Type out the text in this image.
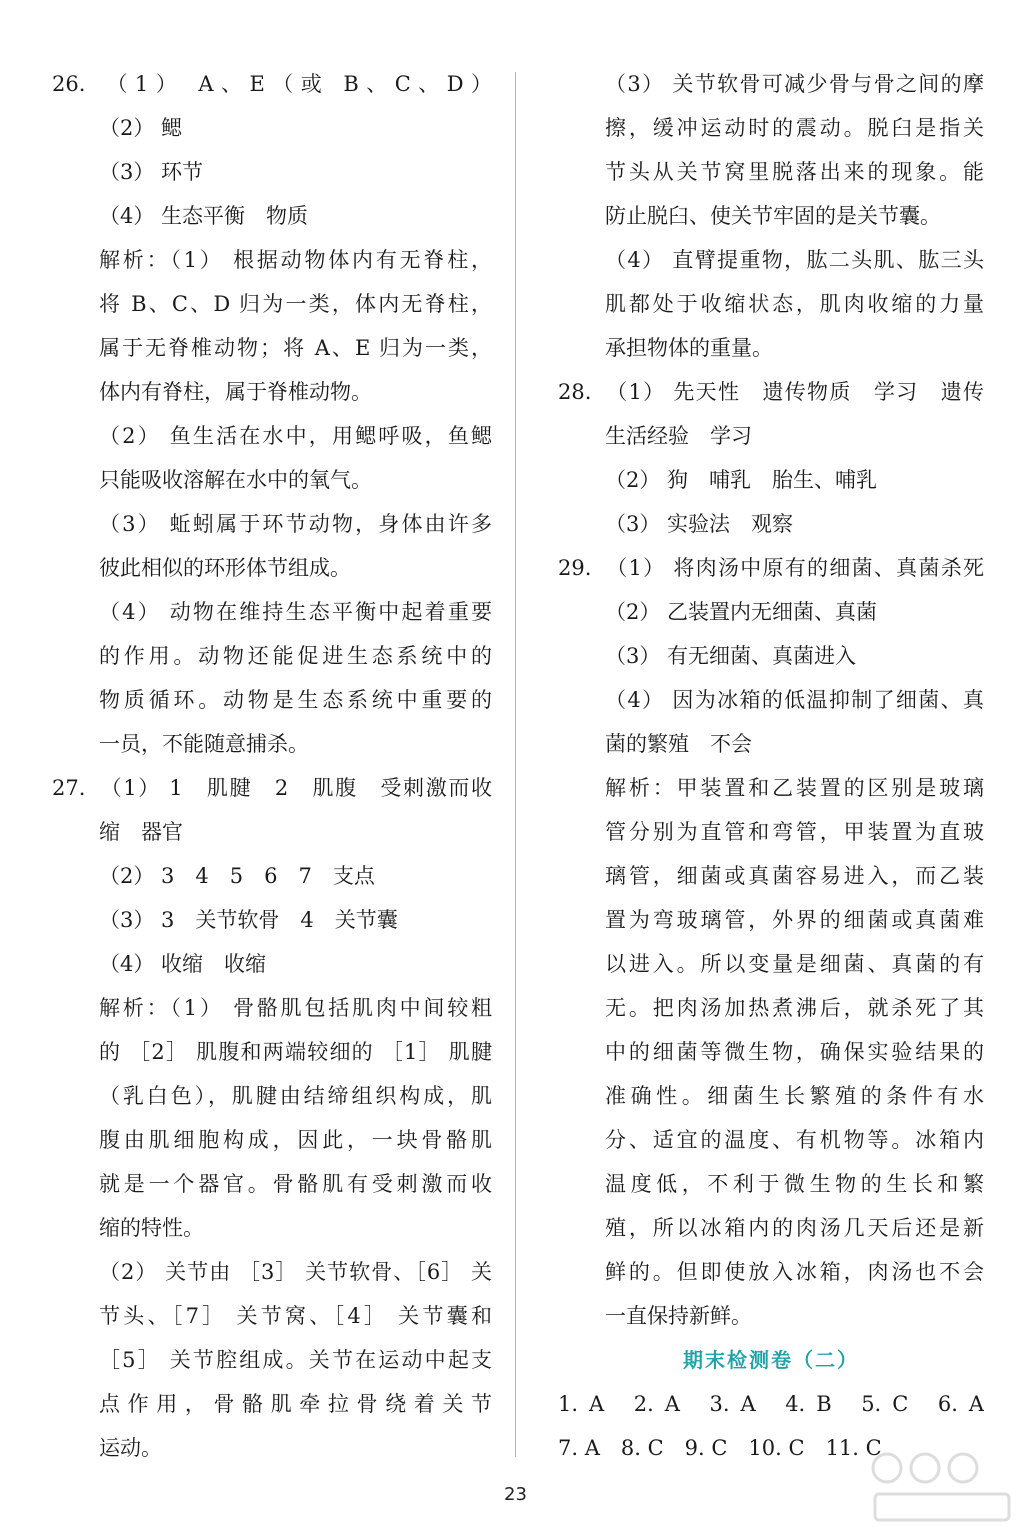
26. （1） A、E（或 B、C、D）
（2） 鳃
（3） 环节
（4） 生态平衡　物质
解析：（1） 根据动物体内有无脊柱，
将 B、C、D 归为一类，体内无脊柱，
属于无脊椎动物；将 A、E 归为一类，
体内有脊柱，属于脊椎动物。
（2） 鱼生活在水中，用鳃呼吸，鱼鳃
只能吸收溶解在水中的氧气。
（3） 蚯蚓属于环节动物，身体由许多
彼此相似的环形体节组成。
（4） 动物在维持生态平衡中起着重要
的作用。动物还能促进生态系统中的
物质循环。动物是生态系统中重要的
一员，不能随意捕杀。
27. （1） 1　肌腱　2　肌腹　受刺激而收
缩　器官
（2） 3　4　5　6　7　支点
（3） 3　关节软骨　4　关节囊
（4） 收缩　收缩
解析：（1） 骨骼肌包括肌肉中间较粗
的 ［2］ 肌腹和两端较细的 ［1］ 肌腱
（乳白色），肌腱由结缔组织构成，肌
腹由肌细胞构成，因此，一块骨骼肌
就是一个器官。骨骼肌有受刺激而收
缩的特性。
（2） 关节由 ［3］ 关节软骨、［6］ 关
节头、［7］ 关节窝、［4］ 关节囊和
［5］ 关节腔组成。关节在运动中起支
点作用，骨骼肌牵拉骨绕着关节
运动。
（3） 关节软骨可减少骨与骨之间的摩
擦，缓冲运动时的震动。脱臼是指关
节头从关节窝里脱落出来的现象。能
防止脱臼、使关节牢固的是关节囊。
（4） 直臂提重物，肱二头肌、肱三头
肌都处于收缩状态，肌肉收缩的力量
承担物体的重量。
28. （1） 先天性　遗传物质　学习　遗传
生活经验　学习
（2） 狗　哺乳　胎生、哺乳
（3） 实验法　观察
29. （1） 将肉汤中原有的细菌、真菌杀死
（2） 乙装置内无细菌、真菌
（3） 有无细菌、真菌进入
（4） 因为冰箱的低温抑制了细菌、真
菌的繁殖　不会
解析：甲装置和乙装置的区别是玻璃
管分别为直管和弯管，甲装置为直玻
璃管，细菌或真菌容易进入，而乙装
置为弯玻璃管，外界的细菌或真菌难
以进入。所以变量是细菌、真菌的有
无。把肉汤加热煮沸后，就杀死了其
中的细菌等微生物，确保实验结果的
准确性。细菌生长繁殖的条件有水
分、适宜的温度、有机物等。冰箱内
温度低，不利于微生物的生长和繁
殖，所以冰箱内的肉汤几天后还是新
鲜的。但即使放入冰箱，肉汤也不会
一直保持新鲜。
期末检测卷（二）
1. A　2. A　3. A　4. B　5. C　6. A
7. A　8. C　9. C　10. C　11. C
23
